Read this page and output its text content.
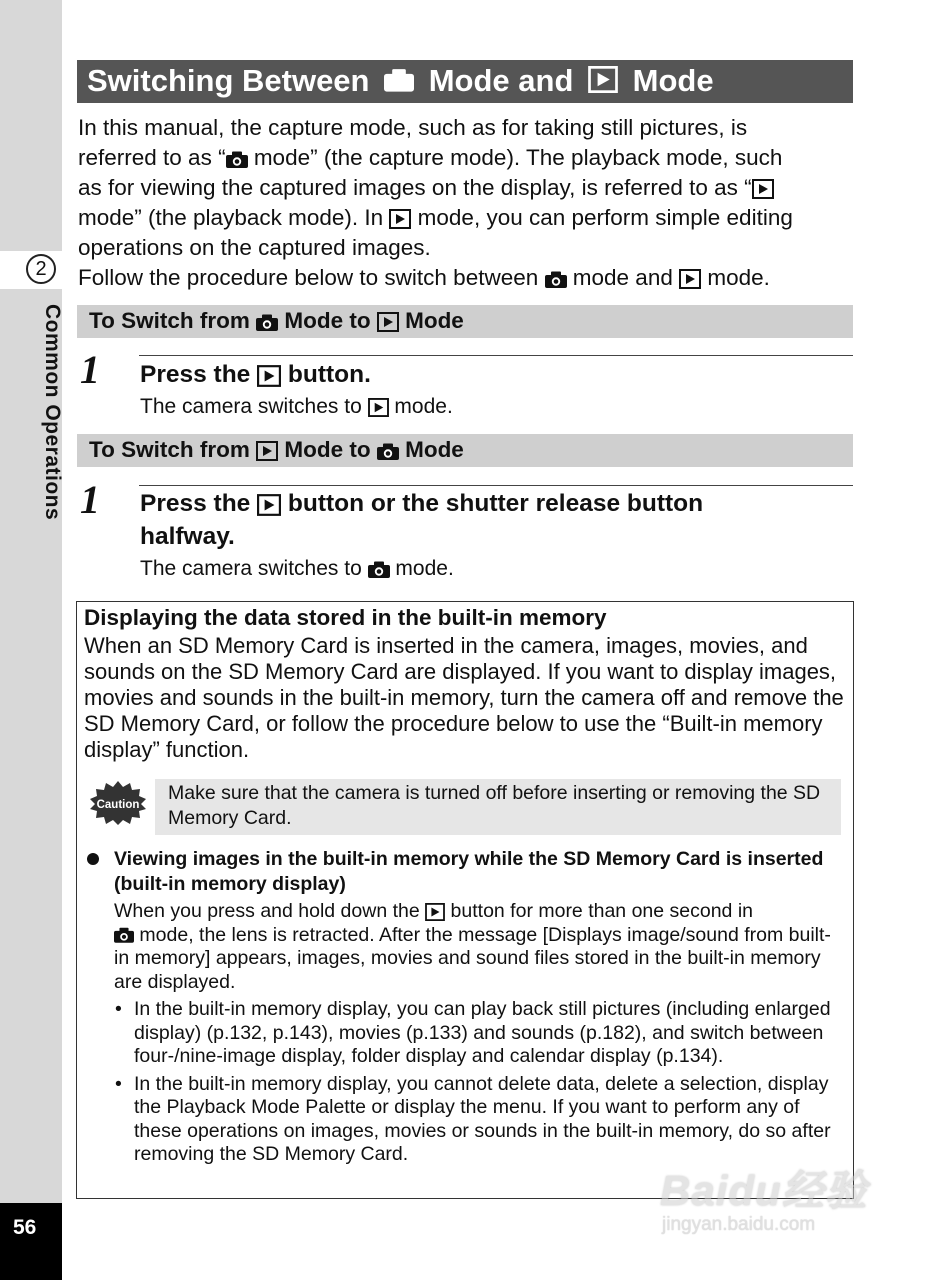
2
Common Operations
56
Switching Between Mode and Mode

In this manual, the capture mode, such as for taking still pictures, is

referred to as “
mode” (the capture mode). The playback mode, such

as for viewing the captured images on the display, is referred to as “

mode” (the playback mode). In
mode, you can perform simple editing

operations on the captured images.

Follow the procedure below to switch between
mode and
mode.

To Switch from
Mode to
Mode
1 Press the
button.
The camera switches to
mode.
To Switch from
Mode to
Mode
1 Press the
button or the shutter release button
halfway.
The camera switches to
mode.
Displaying the data stored in the built-in memory
When an SD Memory Card is inserted in the camera, images, movies, and sounds on the SD Memory Card are displayed. If you want to display images, movies and sounds in the built-in memory, turn the camera off and remove the SD Memory Card, or follow the procedure below to use the “Built-in memory display” function.
Caution
Make sure that the camera is turned off before inserting or removing the SD Memory Card.
Viewing images in the built-in memory while the SD Memory Card is inserted (built-in memory display)
When you press and hold down the
button for more than one second in

mode, the lens is retracted. After the message [Displays image/sound from built-in memory] appears, images, movies and sound files stored in the built-in memory are displayed.
• In the built-in memory display, you can play back still pictures (including enlarged display) (p.132, p.143), movies (p.133) and sounds (p.182), and switch between four-/nine-image display, folder display and calendar display (p.134).
• In the built-in memory display, you cannot delete data, delete a selection, display the Playback Mode Palette or display the menu. If you want to perform any of these operations on images, movies or sounds in the built-in memory, do so after removing the SD Memory Card.
Baidu经验
jingyan.baidu.com
